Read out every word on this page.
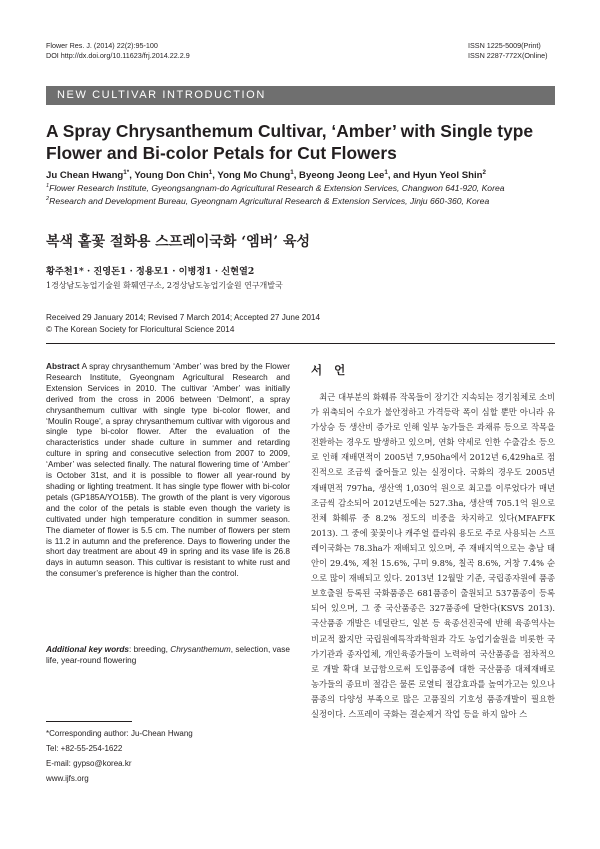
Flower Res. J. (2014) 22(2):95-100
DOI http://dx.doi.org/10.11623/frj.2014.22.2.9
ISSN 1225-5009(Print)
ISSN 2287-772X(Online)
NEW CULTIVAR INTRODUCTION
A Spray Chrysanthemum Cultivar, ‘Amber’ with Single type Flower and Bi-color Petals for Cut Flowers
Ju Chean Hwang$^{1*}$, Young Don Chin$^1$, Yong Mo Chung$^1$, Byeong Jeong Lee$^1$, and Hyun Yeol Shin$^2$
$^1$Flower Research Institute, Gyeongsangnam-do Agricultural Research & Extension Services, Changwon 641-920, Korea
$^2$Research and Development Bureau, Gyeongnam Agricultural Research & Extension Services, Jinju 660-360, Korea
복색 홑꽃 절화용 스프레이국화 ‘엠버’ 육성
황주천1* · 진영돈1 · 정용모1 · 이병정1 · 신현열2
1경상남도농업기술원 화훼연구소, 2경상남도농업기술원 연구개발국
Received 29 January 2014; Revised 7 March 2014; Accepted 27 June 2014
© The Korean Society for Floricultural Science 2014
Abstract A spray chrysanthemum ‘Amber’ was bred by the Flower Research Institute, Gyeongnam Agricultural Research and Extension Services in 2010. The cultivar ‘Amber’ was initially derived from the cross in 2006 between ‘Delmont’, a spray chrysanthemum cultivar with single type bi-color flower, and ‘Moulin Rouge’, a spray chrysanthemum cultivar with vigorous and single type bi-color flower. After the evaluation of the characteristics under shade culture in summer and retarding culture in spring and consecutive selection from 2007 to 2009, ‘Amber’ was selected finally. The natural flowering time of ‘Amber’ is October 31st, and it is possible to flower all year-round by shading or lighting treatment. It has single type flower with bi-color petals (GP185A/YO15B). The growth of the plant is very vigorous and the color of the petals is stable even though the variety is cultivated under high temperature condition in summer season. The diameter of flower is 5.5 cm. The number of flowers per stem is 11.2 in autumn and the preference. Days to flowering under the short day treatment are about 49 in spring and its vase life is 26.8 days in autumn season. This cultivar is resistant to white rust and the consumer’s preference is higher than the control.
Additional key words: breeding, Chrysanthemum, selection, vase life, year-round flowering
*Corresponding author: Ju-Chean Hwang
Tel: +82-55-254-1622
E-mail: gypso@korea.kr
www.ijfs.org
서 언
최근 대부분의 화훼류 작목들이 장기간 지속되는 경기침체로 소비가 위축되어 수요가 불안정하고 가격등락 폭이 심할 뿐만 아니라 유가상승 등 생산비 증가로 인해 일부 농가들은 과채류 등으로 작목을 전환하는 경우도 발생하고 있으며, 연화 약세로 인한 수출감소 등으로 인해 재배면적이 2005년 7,950ha에서 2012년 6,429ha로 점진적으로 조금씩 줄어들고 있는 실정이다. 국화의 경우도 2005년 재배면적 797ha, 생산액 1,030억 원으로 최고를 이루었다가 매년 조금씩 감소되어 2012년도에는 527.3ha, 생산액 705.1억 원으로 전체 화훼류 중 8.2% 정도의 비중을 차지하고 있다(MFAFFK 2013). 그 중에 꽃꽂이나 캐주얼 플라워 용도로 주로 사용되는 스프레이국화는 78.3ha가 재배되고 있으며, 주 재배지역으로는 충남 태안이 29.4%, 제천 15.6%, 구미 9.8%, 칠곡 8.6%, 거창 7.4% 순으로 많이 재배되고 있다. 2013년 12월말 기준, 국립종자원에 품종보호출원 등록된 국화품종은 681품종이 출원되고 537품종이 등록되어 있으며, 그 중 국산품종은 327품종에 달한다(KSVS 2013). 국산품종 개발은 네덜란드, 일본 등 육종선진국에 반해 육종역사는 비교적 짧지만 국립원예특작과학원과 각도 농업기술원을 비롯한 국가기관과 종자업체, 개인육종가들이 노력하여 국산품종을 점차적으로 개발 확대 보급함으로써 도입품종에 대한 국산품종 대체재배로 농가들의 종묘비 절감은 물론 로열티 절감효과를 높여가고는 있으나 품종의 다양성 부족으로 많은 고품질의 기호성 품종개발이 필요한 실정이다. 스프레이 국화는 결순제거 작업 등을 하지 않아 스
